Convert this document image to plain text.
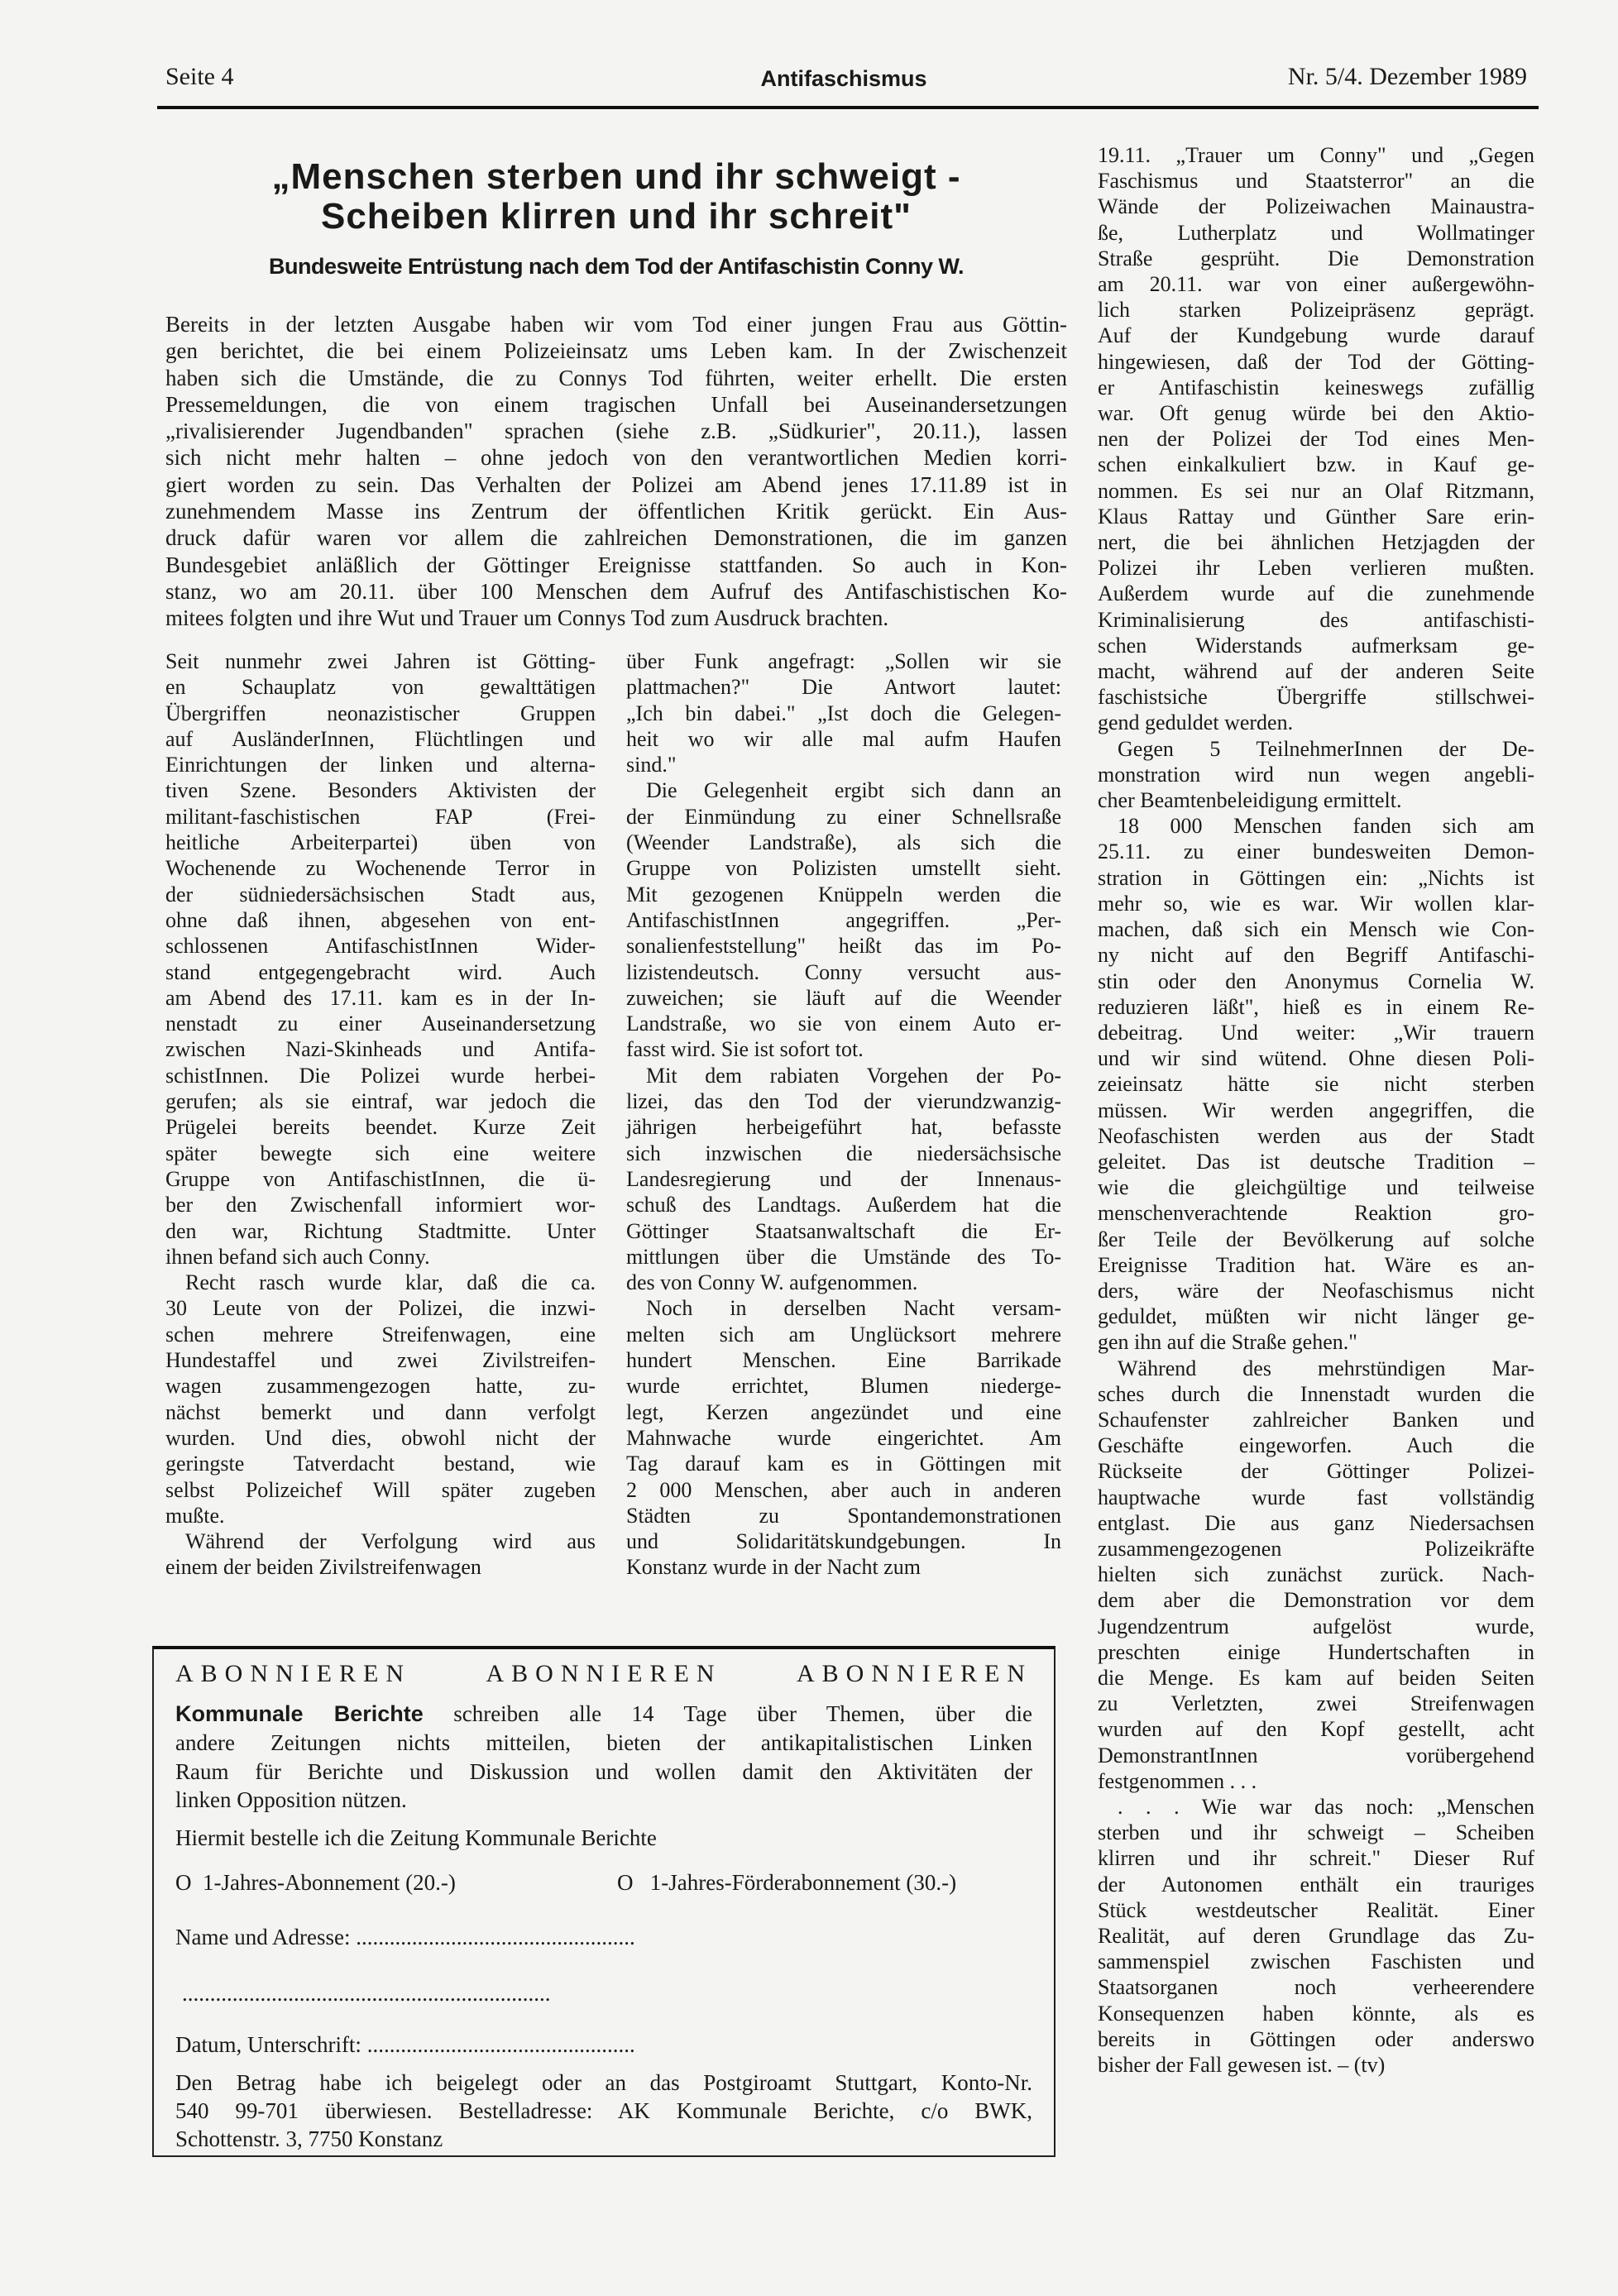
Seite 4	Antifaschismus	Nr. 5/4. Dezember 1989
„Menschen sterben und ihr schweigt -
Scheiben klirren und ihr schreit"
Bundesweite Entrüstung nach dem Tod der Antifaschistin Conny W.
Bereits in der letzten Ausgabe haben wir vom Tod einer jungen Frau aus Göttin-
gen berichtet, die bei einem Polizeieinsatz ums Leben kam. In der Zwischenzeit
haben sich die Umstände, die zu Connys Tod führten, weiter erhellt. Die ersten
Pressemeldungen, die von einem tragischen Unfall bei Auseinandersetzungen
„rivalisierender Jugendbanden" sprachen (siehe z.B. „Südkurier", 20.11.), lassen
sich nicht mehr halten – ohne jedoch von den verantwortlichen Medien korri-
giert worden zu sein. Das Verhalten der Polizei am Abend jenes 17.11.89 ist in
zunehmendem Masse ins Zentrum der öffentlichen Kritik gerückt. Ein Aus-
druck dafür waren vor allem die zahlreichen Demonstrationen, die im ganzen
Bundesgebiet anläßlich der Göttinger Ereignisse stattfanden. So auch in Kon-
stanz, wo am 20.11. über 100 Menschen dem Aufruf des Antifaschistischen Ko-
mitees folgten und ihre Wut und Trauer um Connys Tod zum Ausdruck brachten.
Seit nunmehr zwei Jahren ist Götting-
en Schauplatz von gewalttätigen
Übergriffen neonazistischer Gruppen
auf AusländerInnen, Flüchtlingen und
Einrichtungen der linken und alterna-
tiven Szene. Besonders Aktivisten der
militant-faschistischen FAP (Frei-
heitliche Arbeiterpartei) üben von
Wochenende zu Wochenende Terror in
der südniedersächsischen Stadt aus,
ohne daß ihnen, abgesehen von ent-
schlossenen AntifaschistInnen Wider-
stand entgegengebracht wird. Auch
am Abend des 17.11. kam es in der In-
nenstadt zu einer Auseinandersetzung
zwischen Nazi-Skinheads und Antifa-
schistInnen. Die Polizei wurde herbei-
gerufen; als sie eintraf, war jedoch die
Prügelei bereits beendet. Kurze Zeit
später bewegte sich eine weitere
Gruppe von AntifaschistInnen, die ü-
ber den Zwischenfall informiert wor-
den war, Richtung Stadtmitte. Unter
ihnen befand sich auch Conny.
Recht rasch wurde klar, daß die ca.
30 Leute von der Polizei, die inzwi-
schen mehrere Streifenwagen, eine
Hundestaffel und zwei Zivilstreifen-
wagen zusammengezogen hatte, zu-
nächst bemerkt und dann verfolgt
wurden. Und dies, obwohl nicht der
geringste Tatverdacht bestand, wie
selbst Polizeichef Will später zugeben
mußte.
Während der Verfolgung wird aus
einem der beiden Zivilstreifenwagen
über Funk angefragt: „Sollen wir sie
plattmachen?" Die Antwort lautet:
„Ich bin dabei." „Ist doch die Gelegen-
heit wo wir alle mal aufm Haufen
sind."
Die Gelegenheit ergibt sich dann an
der Einmündung zu einer Schnellsraße
(Weender Landstraße), als sich die
Gruppe von Polizisten umstellt sieht.
Mit gezogenen Knüppeln werden die
AntifaschistInnen angegriffen. „Per-
sonalienfeststellung" heißt das im Po-
lizistendeutsch. Conny versucht aus-
zuweichen; sie läuft auf die Weender
Landstraße, wo sie von einem Auto er-
fasst wird. Sie ist sofort tot.
Mit dem rabiaten Vorgehen der Po-
lizei, das den Tod der vierundzwanzig-
jährigen herbeigeführt hat, befasste
sich inzwischen die niedersächsische
Landesregierung und der Innenaus-
schuß des Landtags. Außerdem hat die
Göttinger Staatsanwaltschaft die Er-
mittlungen über die Umstände des To-
des von Conny W. aufgenommen.
Noch in derselben Nacht versam-
melten sich am Unglücksort mehrere
hundert Menschen. Eine Barrikade
wurde errichtet, Blumen niederge-
legt, Kerzen angezündet und eine
Mahnwache wurde eingerichtet. Am
Tag darauf kam es in Göttingen mit
2 000 Menschen, aber auch in anderen
Städten zu Spontandemonstrationen
und Solidaritätskundgebungen. In
Konstanz wurde in der Nacht zum
19.11. „Trauer um Conny" und „Gegen
Faschismus und Staatsterror" an die
Wände der Polizeiwachen Mainaustra-
ße, Lutherplatz und Wollmatinger
Straße gesprüht. Die Demonstration
am 20.11. war von einer außergewöhn-
lich starken Polizeipräsenz geprägt.
Auf der Kundgebung wurde darauf
hingewiesen, daß der Tod der Götting-
er Antifaschistin keineswegs zufällig
war. Oft genug würde bei den Aktio-
nen der Polizei der Tod eines Men-
schen einkalkuliert bzw. in Kauf ge-
nommen. Es sei nur an Olaf Ritzmann,
Klaus Rattay und Günther Sare erin-
nert, die bei ähnlichen Hetzjagden der
Polizei ihr Leben verlieren mußten.
Außerdem wurde auf die zunehmende
Kriminalisierung des antifaschisti-
schen Widerstands aufmerksam ge-
macht, während auf der anderen Seite
faschistsiche Übergriffe stillschwei-
gend geduldet werden.
Gegen 5 TeilnehmerInnen der De-
monstration wird nun wegen angebli-
cher Beamtenbeleidigung ermittelt.
18 000 Menschen fanden sich am
25.11. zu einer bundesweiten Demon-
stration in Göttingen ein: „Nichts ist
mehr so, wie es war. Wir wollen klar-
machen, daß sich ein Mensch wie Con-
ny nicht auf den Begriff Antifaschi-
stin oder den Anonymus Cornelia W.
reduzieren läßt", hieß es in einem Re-
debeitrag. Und weiter: „Wir trauern
und wir sind wütend. Ohne diesen Poli-
zeieinsatz hätte sie nicht sterben
müssen. Wir werden angegriffen, die
Neofaschisten werden aus der Stadt
geleitet. Das ist deutsche Tradition –
wie die gleichgültige und teilweise
menschenverachtende Reaktion gro-
ßer Teile der Bevölkerung auf solche
Ereignisse Tradition hat. Wäre es an-
ders, wäre der Neofaschismus nicht
geduldet, müßten wir nicht länger ge-
gen ihn auf die Straße gehen."
Während des mehrstündigen Mar-
sches durch die Innenstadt wurden die
Schaufenster zahlreicher Banken und
Geschäfte eingeworfen. Auch die
Rückseite der Göttinger Polizei-
hauptwache wurde fast vollständig
entglast. Die aus ganz Niedersachsen
zusammengezogenen Polizeikräfte
hielten sich zunächst zurück. Nach-
dem aber die Demonstration vor dem
Jugendzentrum aufgelöst wurde,
preschten einige Hundertschaften in
die Menge. Es kam auf beiden Seiten
zu Verletzten, zwei Streifenwagen
wurden auf den Kopf gestellt, acht
DemonstrantInnen vorübergehend
festgenommen . . .
. . . Wie war das noch: „Menschen
sterben und ihr schweigt – Scheiben
klirren und ihr schreit." Dieser Ruf
der Autonomen enthält ein trauriges
Stück westdeutscher Realität. Einer
Realität, auf deren Grundlage das Zu-
sammenspiel zwischen Faschisten und
Staatsorganen noch verheerendere
Konsequenzen haben könnte, als es
bereits in Göttingen oder anderswo
bisher der Fall gewesen ist. – (tv)
ABONNIEREN ABONNIEREN ABONNIEREN
Kommunale Berichte schreiben alle 14 Tage über Themen, über die
andere Zeitungen nichts mitteilen, bieten der antikapitalistischen Linken
Raum für Berichte und Diskussion und wollen damit den Aktivitäten der
linken Opposition nützen.
Hiermit bestelle ich die Zeitung Kommunale Berichte
O  1-Jahres-Abonnement (20.-)	O   1-Jahres-Förderabonnement (30.-)
Name und Adresse: ..................................................
..................................................................
Datum, Unterschrift: ................................................
Den Betrag habe ich beigelegt oder an das Postgiroamt Stuttgart, Konto-Nr.
540 99-701 überwiesen. Bestelladresse: AK Kommunale Berichte, c/o BWK,
Schottenstr. 3, 7750 Konstanz
